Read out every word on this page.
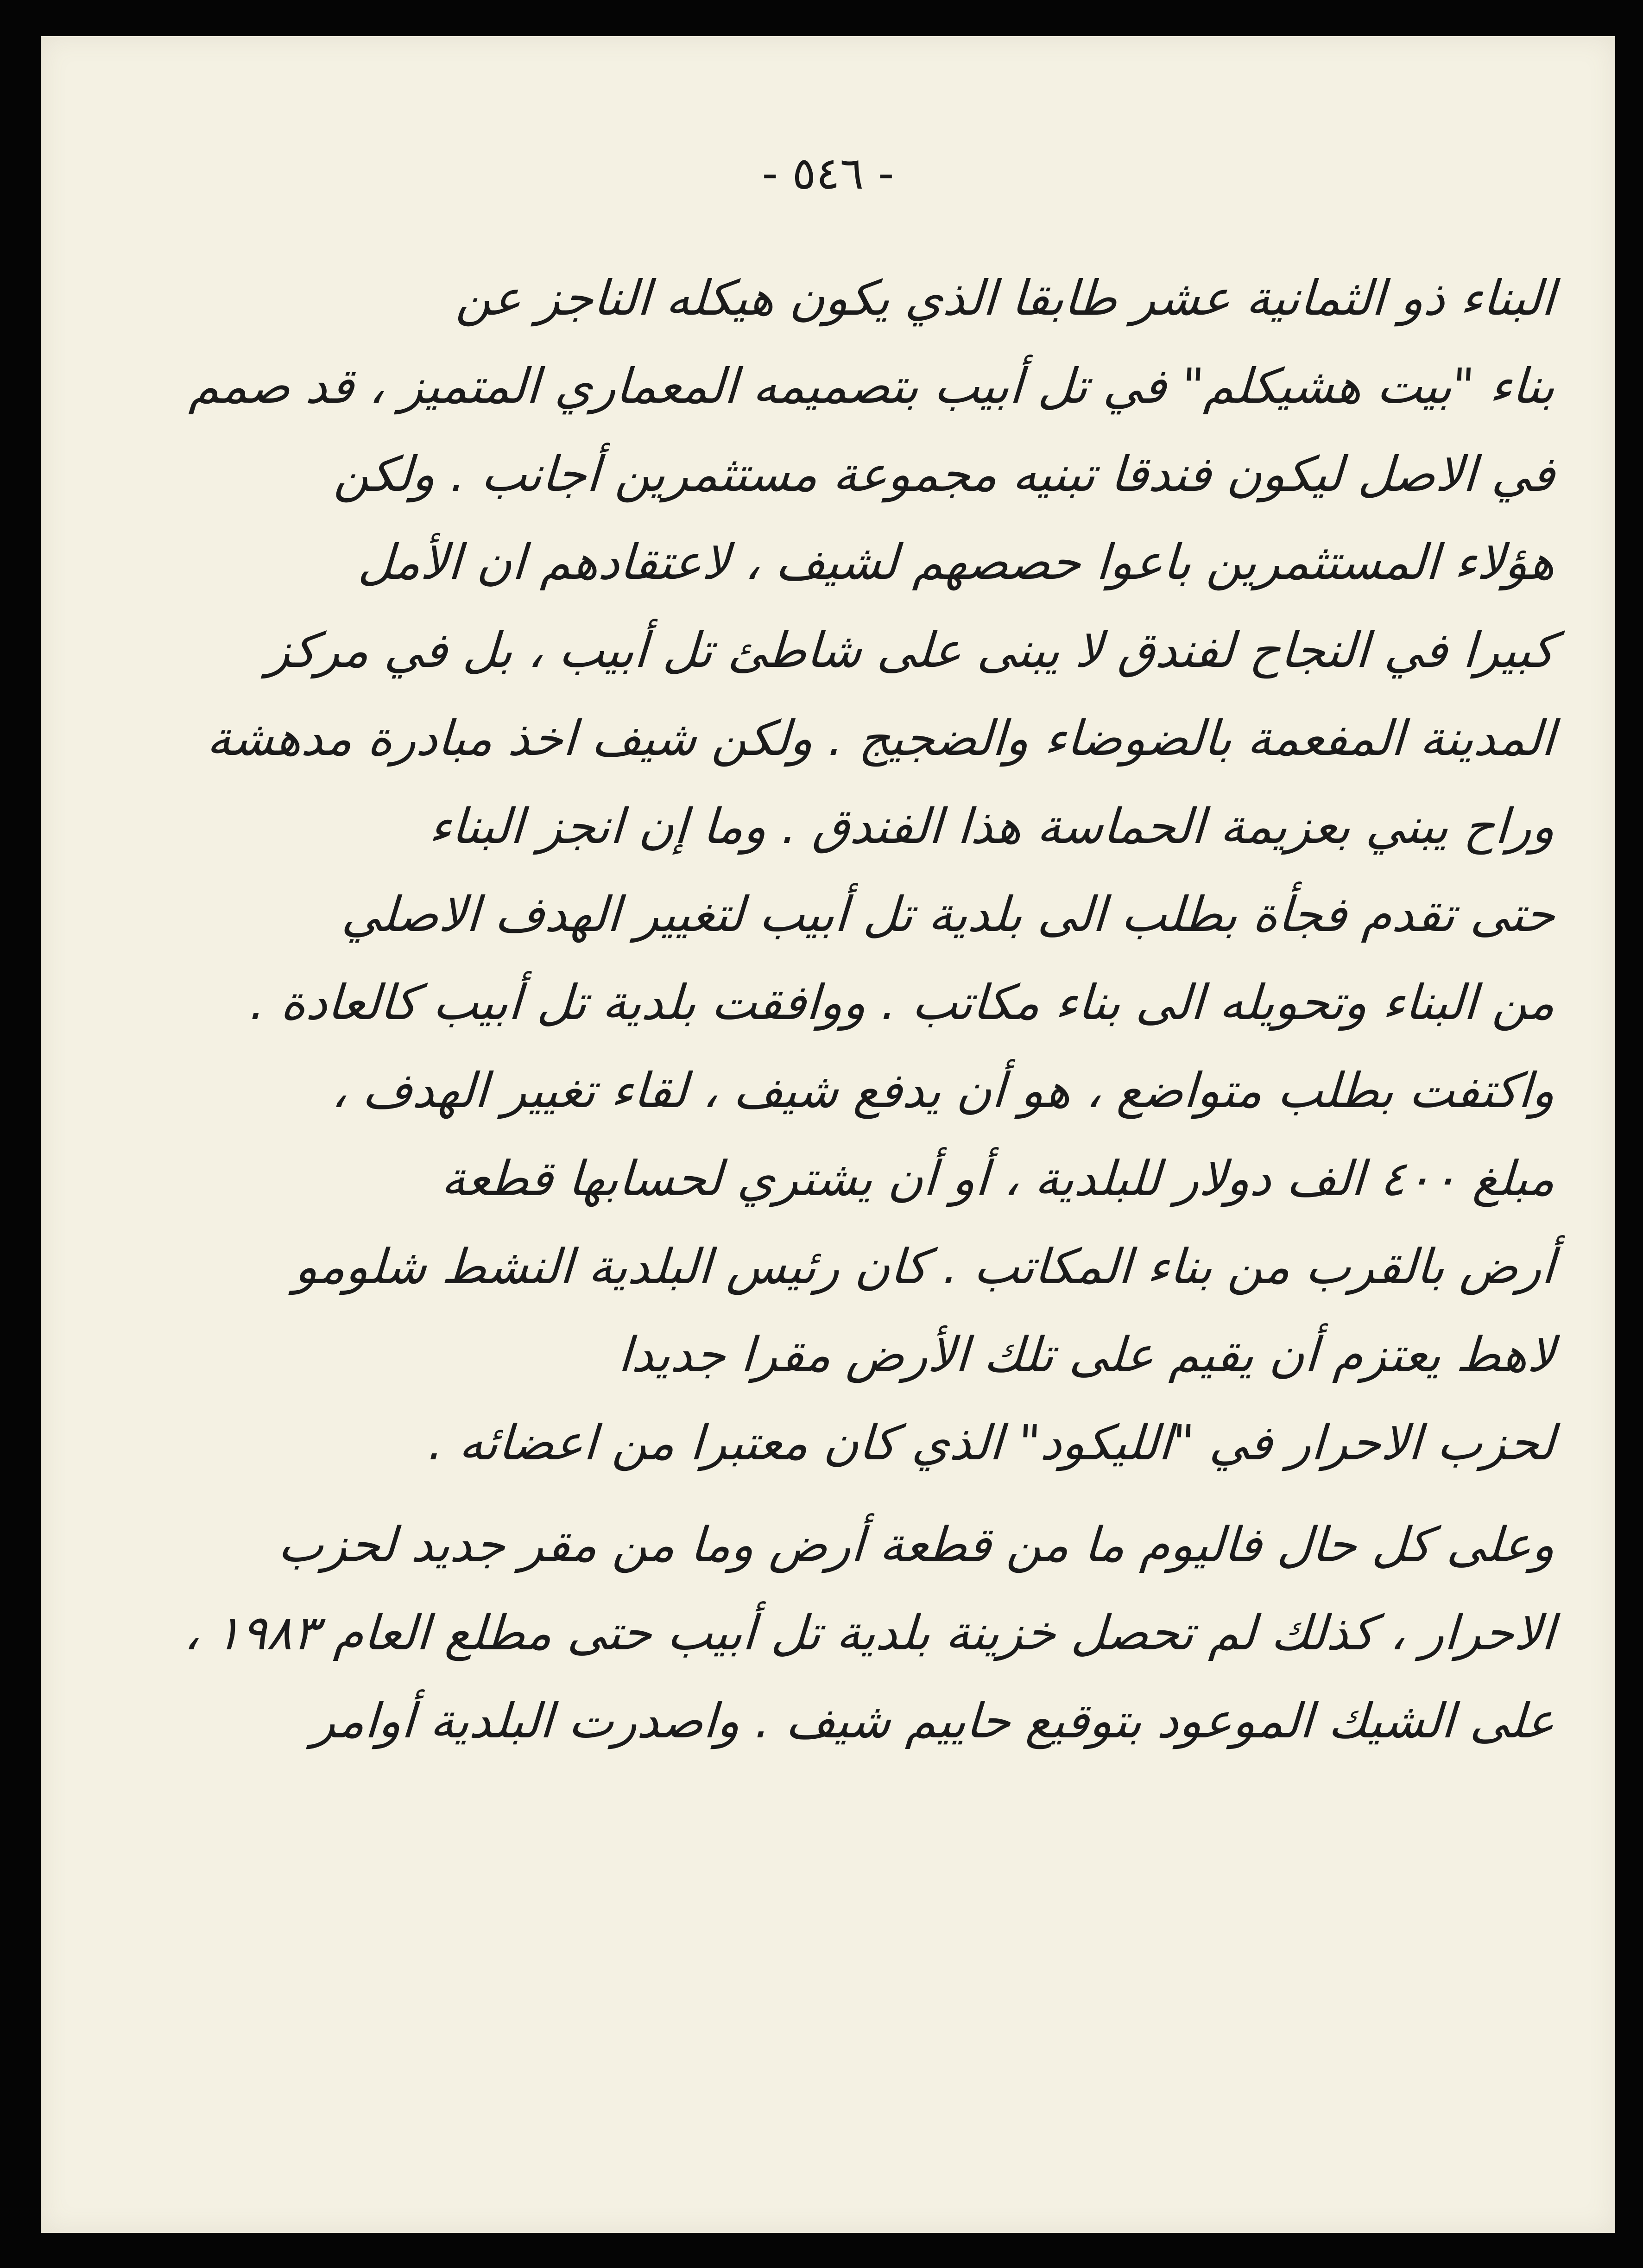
- ٥٤٦ -
البناء ذو الثمانية عشر طابقا الذي يكون هيكله الناجز عن
بناء "بيت هشيكلم" في تل أبيب بتصميمه المعماري المتميز ، قد صمم
في الاصل ليكون فندقا تبنيه مجموعة مستثمرين أجانب . ولكن
هؤلاء المستثمرين باعوا حصصهم لشيف ، لاعتقادهم ان الأمل
كبيرا في النجاح لفندق لا يبنى على شاطئ تل أبيب ، بل في مركز
المدينة المفعمة بالضوضاء والضجيج . ولكن شيف اخذ مبادرة مدهشة
وراح يبني بعزيمة الحماسة هذا الفندق . وما إن انجز البناء
حتى تقدم فجأة بطلب الى بلدية تل أبيب لتغيير الهدف الاصلي
من البناء وتحويله الى بناء مكاتب . ووافقت بلدية تل أبيب كالعادة .
واكتفت بطلب متواضع ، هو أن يدفع شيف ، لقاء تغيير الهدف ،
مبلغ ٤٠٠ الف دولار للبلدية ، أو أن يشتري لحسابها قطعة
أرض بالقرب من بناء المكاتب . كان رئيس البلدية النشط شلومو
لاهط يعتزم أن يقيم على تلك الأرض مقرا جديدا
لحزب الاحرار في "الليكود" الذي كان معتبرا من اعضائه .
وعلى كل حال فاليوم ما من قطعة أرض وما من مقر جديد لحزب
الاحرار ، كذلك لم تحصل خزينة بلدية تل أبيب حتى مطلع العام ١٩٨٣ ،
على الشيك الموعود بتوقيع حاييم شيف . واصدرت البلدية أوامر
